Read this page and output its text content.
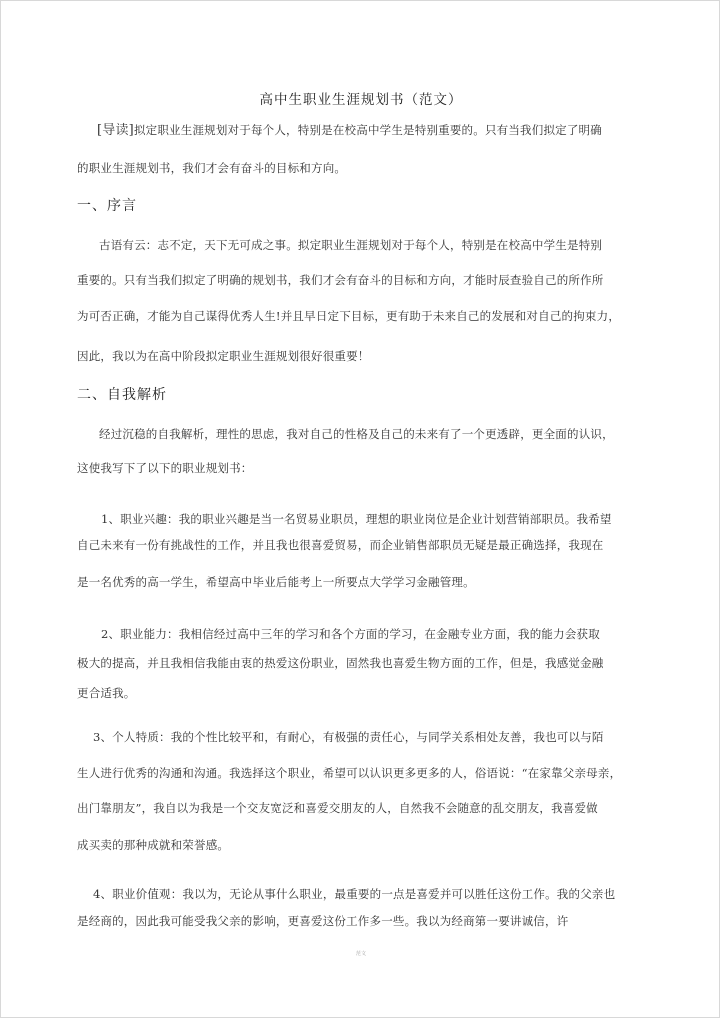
高中生职业生涯规划书（范文）
[导读]拟定职业生涯规划对于每个人，特别是在校高中学生是特别重要的。只有当我们拟定了明确
的职业生涯规划书，我们才会有奋斗的目标和方向。
一、序言
古语有云：志不定，天下无可成之事。拟定职业生涯规划对于每个人，特别是在校高中学生是特别
重要的。只有当我们拟定了明确的规划书，我们才会有奋斗的目标和方向，才能时辰查验自己的所作所
为可否正确，才能为自己谋得优秀人生!并且早日定下目标，更有助于未来自己的发展和对自己的拘束力，
因此，我以为在高中阶段拟定职业生涯规划很好很重要！
二、自我解析
经过沉稳的自我解析，理性的思虑，我对自己的性格及自己的未来有了一个更透辟，更全面的认识，
这使我写下了以下的职业规划书：
1、职业兴趣：我的职业兴趣是当一名贸易业职员，理想的职业岗位是企业计划营销部职员。我希望
自己未来有一份有挑战性的工作，并且我也很喜爱贸易，而企业销售部职员无疑是最正确选择，我现在
是一名优秀的高一学生，希望高中毕业后能考上一所要点大学学习金融管理。
2、职业能力：我相信经过高中三年的学习和各个方面的学习，在金融专业方面，我的能力会获取
极大的提高，并且我相信我能由衷的热爱这份职业，固然我也喜爱生物方面的工作，但是，我感觉金融
更合适我。
3、个人特质：我的个性比较平和，有耐心，有极强的责任心，与同学关系相处友善，我也可以与陌
生人进行优秀的沟通和沟通。我选择这个职业，希望可以认识更多更多的人，俗语说：“在家靠父亲母亲，
出门靠朋友”，我自以为我是一个交友宽泛和喜爱交朋友的人，自然我不会随意的乱交朋友，我喜爱做
成买卖的那种成就和荣誉感。
4、职业价值观：我以为，无论从事什么职业，最重要的一点是喜爱并可以胜任这份工作。我的父亲也
是经商的，因此我可能受我父亲的影响，更喜爱这份工作多一些。我以为经商第一要讲诚信，许
范文
